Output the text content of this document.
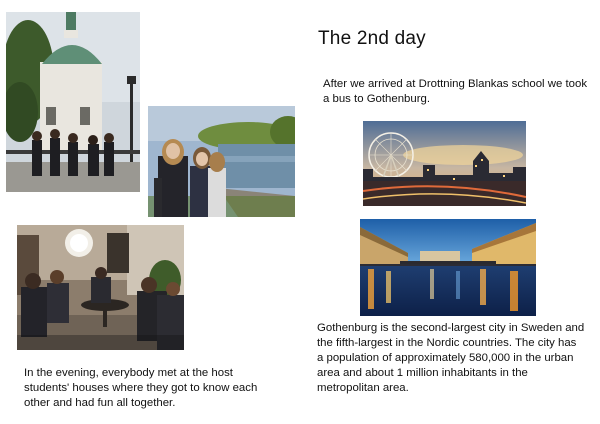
The 2nd day

After we arrived at Drottning Blankas school we took a bus to Gothenburg.

In the evening, everybody met at the host students' houses where they got to know each other and had fun all together.

Gothenburg is the second-largest city in Sweden and the fifth-largest in the Nordic countries. The city has a population of approximately 580,000 in the urban area and about 1 million inhabitants in the metropolitan area.
